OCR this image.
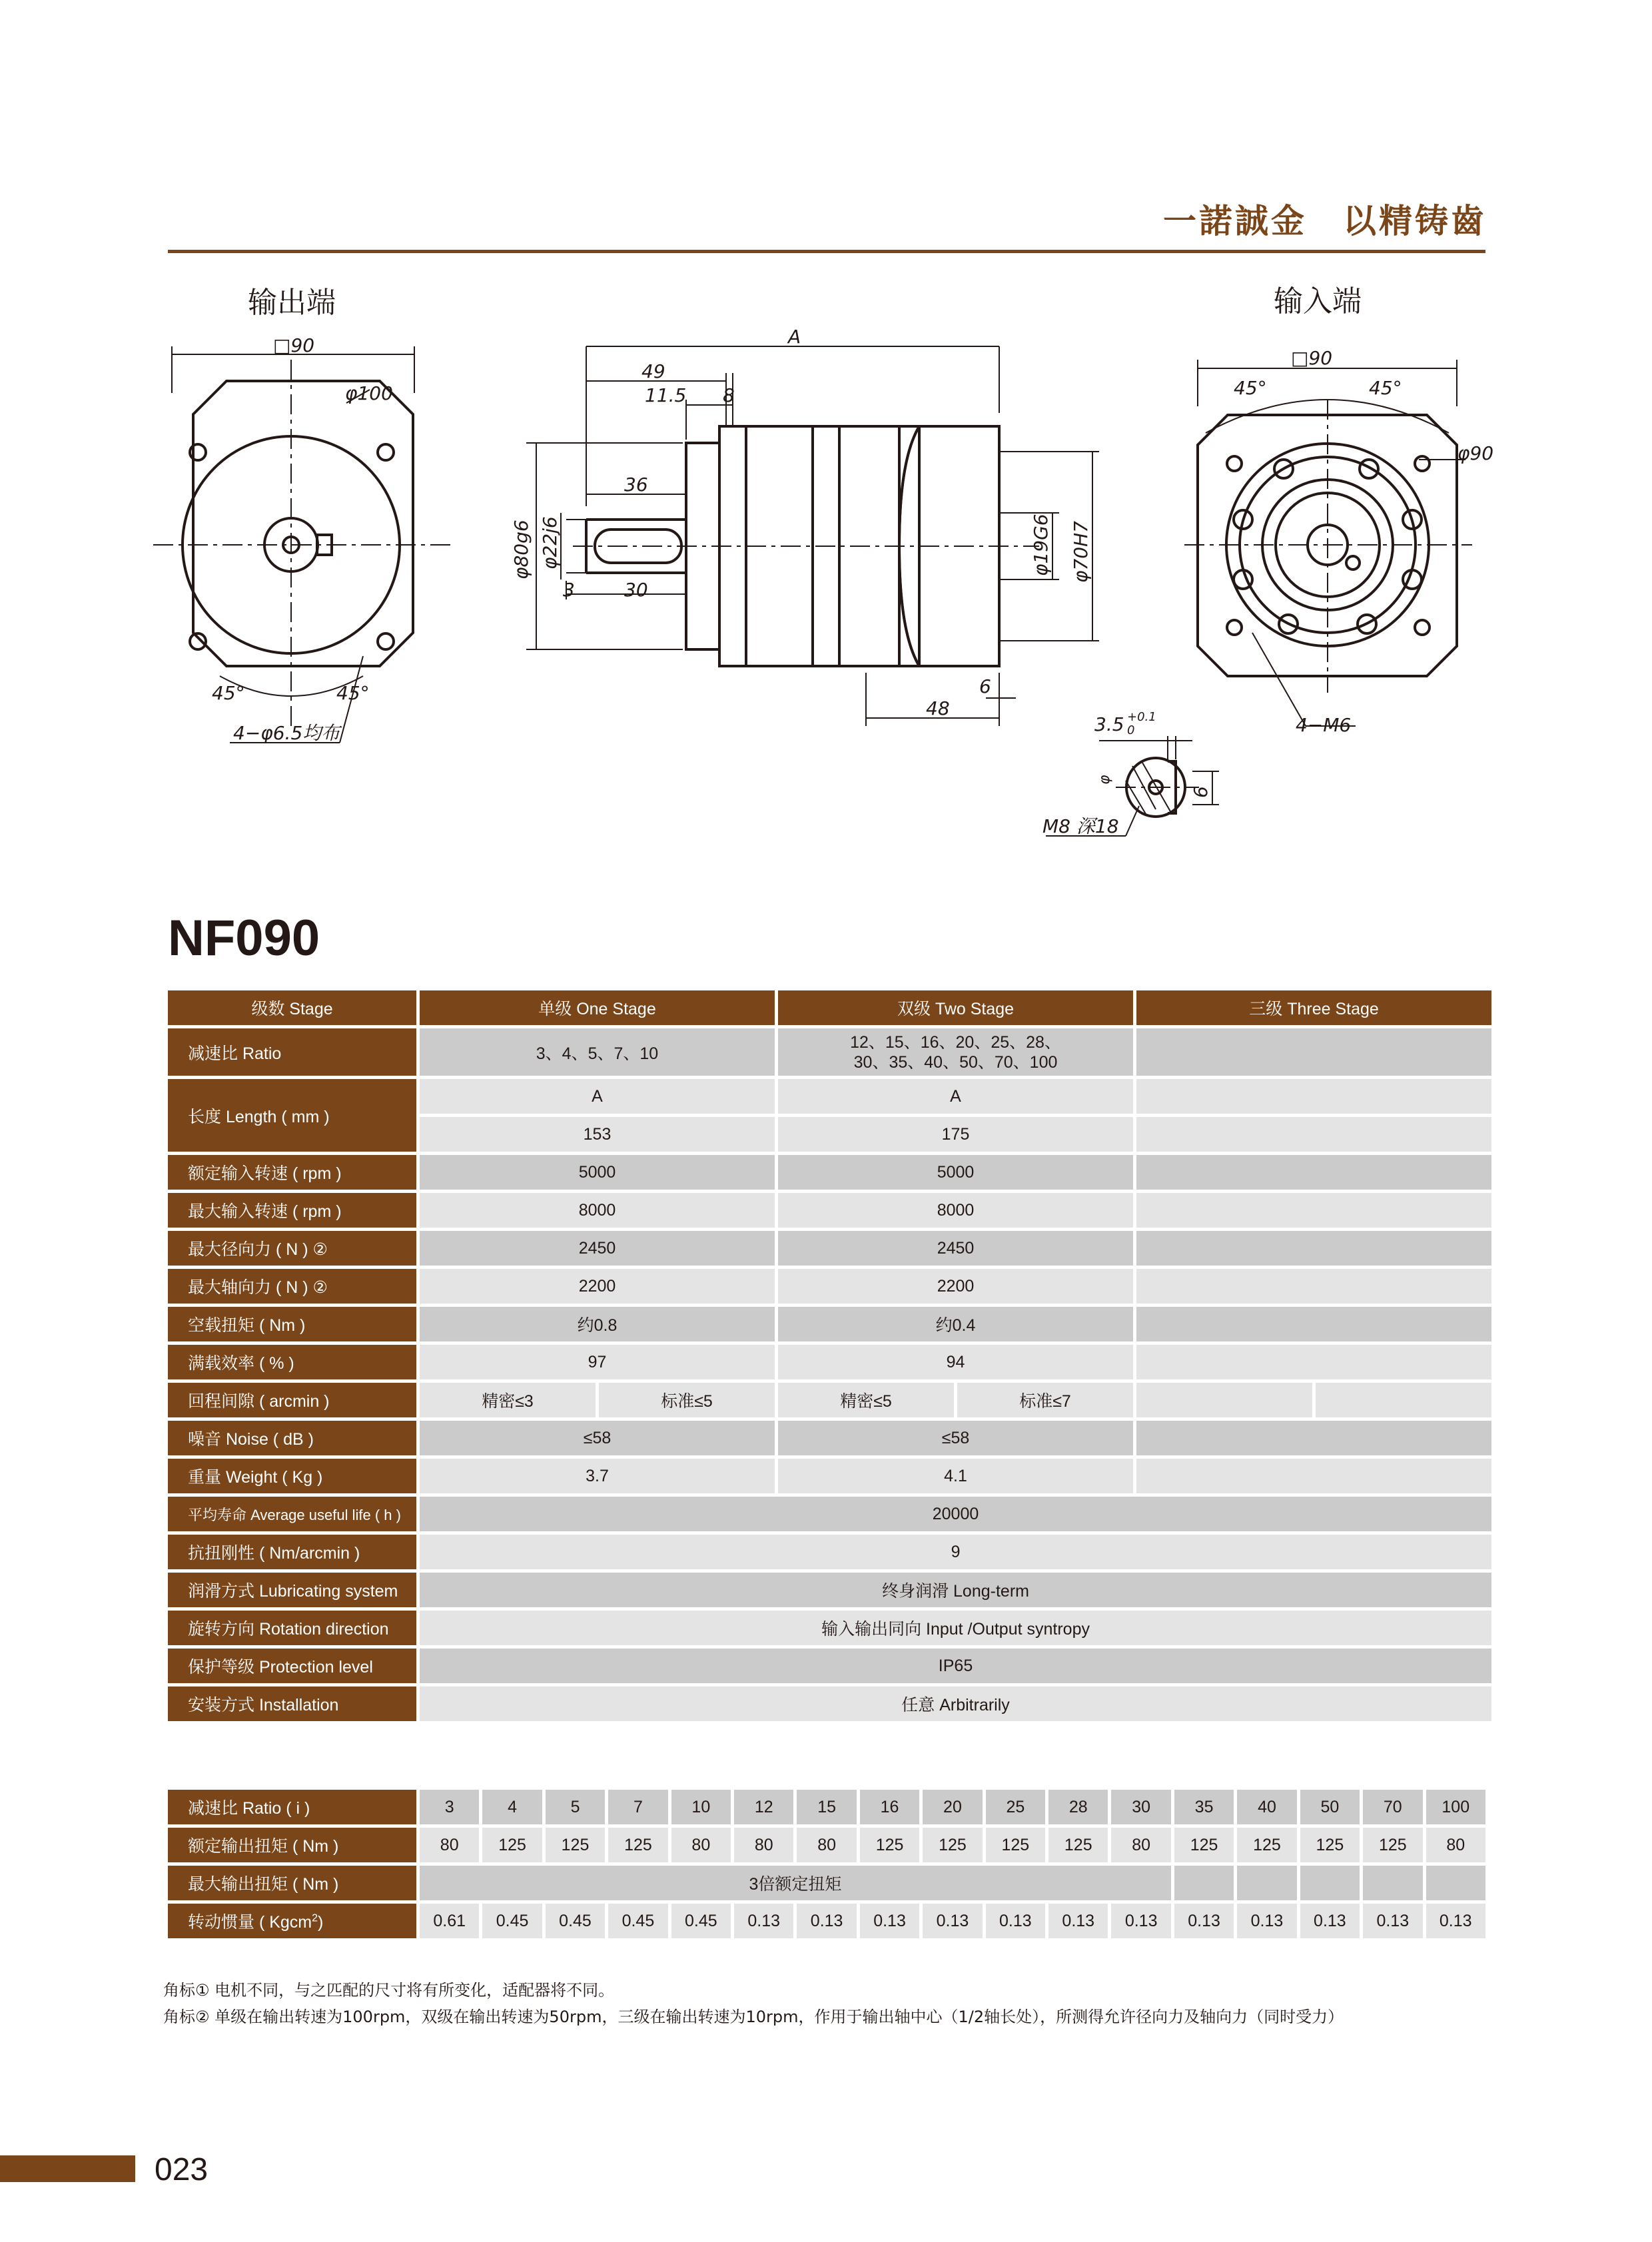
一諾誠金　以精铸齒
输出端	输入端
□90
φ100
45°	45°
4−φ6.5均布
A
49
11.5 8
36
3	30
48
6
φ80g6 φ22j6	φ19G6 φ70H7
□90
45°	45°
φ90
4−M6
3.5 +0.1
0
6
M8 深18
φ
NF090
级数 Stage	单级 One Stage		双级 Two Stage		三级 Three Stage	
减速比 Ratio	3、4、5、7、10		12、15、16、20、25、28、
30、35、40、50、70、100			

长度 Length ( mm )	A		A			
	153		175			
额定输入转速 ( rpm )	5000		5000			
最大输入转速 ( rpm )	8000		8000			
最大径向力 ( N ) ②	2450		2450			
最大轴向力 ( N ) ②	2200		2200			
空载扭矩 ( Nm )	约0.8		约0.4			
满载效率 ( % )	97		94			
回程间隙 ( arcmin )	精密≤3	标准≤5	精密≤5	标准≤7		
噪音 Noise ( dB )	≤58		≤58			
重量 Weight ( Kg )	3.7		4.1			
平均寿命 Average useful life ( h )	20000					
抗扭刚性 ( Nm/arcmin )	9					
润滑方式 Lubricating system	终身润滑 Long-term					
旋转方向 Rotation direction	输入输出同向 Input /Output syntropy					
保护等级 Protection level	IP65					
安装方式 Installation	任意 Arbitrarily					
减速比 Ratio ( i )	3	4	5	7	10	12	15	16	20	25	28	30	35	40	50	70	100
额定输出扭矩 ( Nm )	80	125	125	125	80	80	80	125	125	125	125	80	125	125	125	125	80
最大输出扭矩 ( Nm )	3倍额定扭矩																
转动惯量 ( Kgcm$^2$)	0.61	0.45	0.45	0.45	0.45	0.13	0.13	0.13	0.13	0.13	0.13	0.13	0.13	0.13	0.13	0.13	0.13
角标① 电机不同，与之匹配的尺寸将有所变化，适配器将不同。
角标② 单级在输出转速为100rpm，双级在输出转速为50rpm，三级在输出转速为10rpm，作用于输出轴中心（1/2轴长处），所测得允许径向力及轴向力（同时受力）
023
